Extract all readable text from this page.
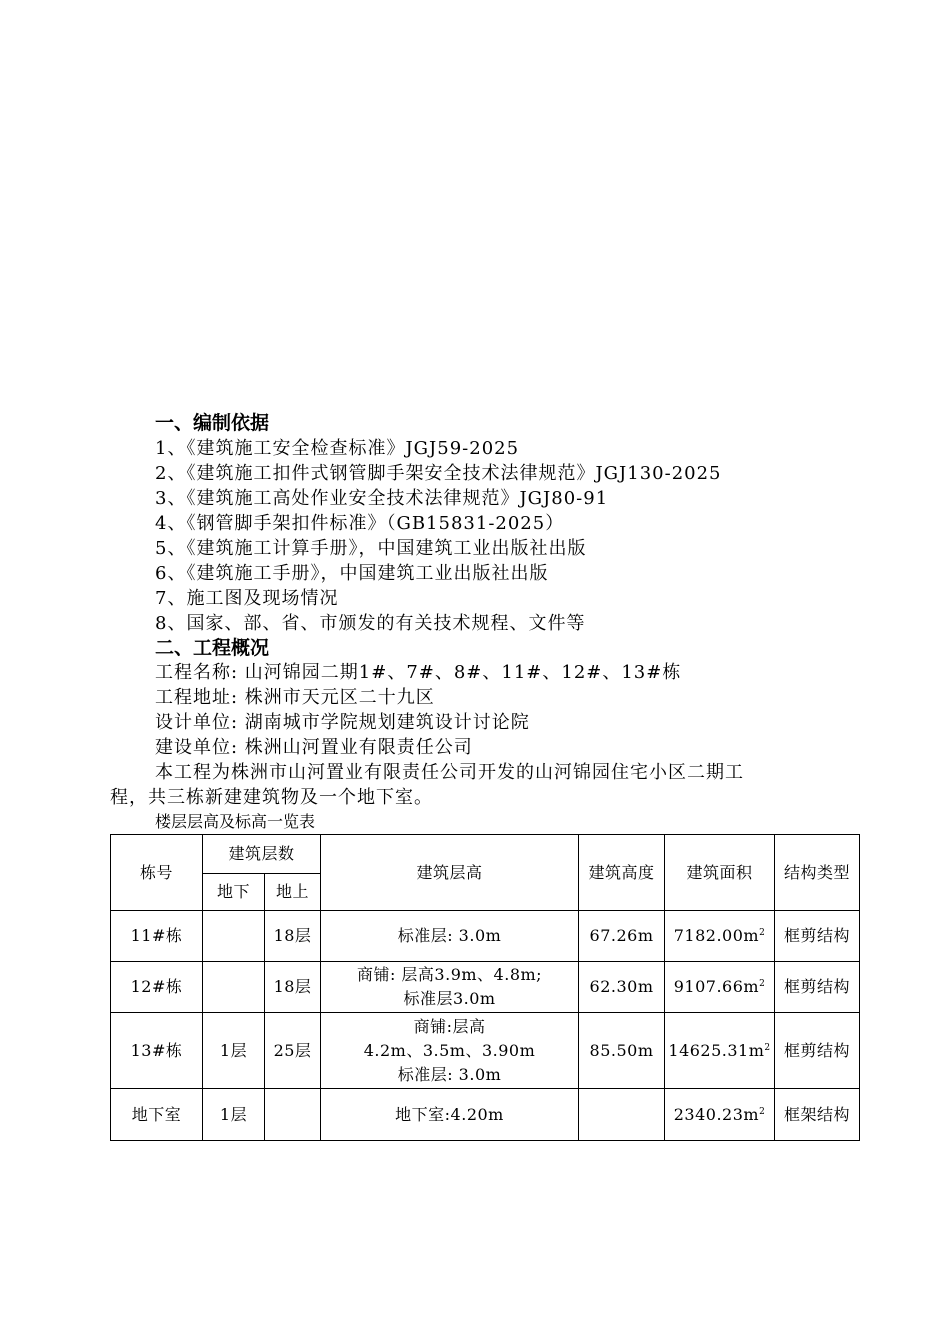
一、编制依据

1、《建筑施工安全检查标准》JGJ59-2025

2、《建筑施工扣件式钢管脚手架安全技术法律规范》JGJ130-2025

3、《建筑施工高处作业安全技术法律规范》JGJ80-91

4、《钢管脚手架扣件标准》（GB15831-2025）

5、《建筑施工计算手册》，中国建筑工业出版社出版

6、《建筑施工手册》，中国建筑工业出版社出版

7、施工图及现场情况

8、国家、部、省、市颁发的有关技术规程、文件等

二、工程概况

工程名称: 山河锦园二期1#、7#、8#、11#、12#、13#栋

工程地址: 株洲市天元区二十九区

设计单位: 湖南城市学院规划建筑设计讨论院

建设单位: 株洲山河置业有限责任公司

本工程为株洲市山河置业有限责任公司开发的山河锦园住宅小区二期工

程，共三栋新建建筑物及一个地下室。

楼层层高及标高一览表
栋号	建筑层数		建筑层高	建筑高度	建筑面积	结构类型
	地下	地上				
11#栋		18层	标准层: 3.0m	67.26m	$7182.00m^2$	框剪结构
12#栋		18层	商铺: 层高3.9m、4.8m;
标准层3.0m	62.30m	$9107.66m^2$	框剪结构
13#栋	1层	25层	商铺:层高
4.2m、3.5m、3.90m
标准层: 3.0m	85.50m	$14625.31m^2$	框剪结构
地下室	1层		地下室:4.20m		$2340.23m^2$	框架结构
